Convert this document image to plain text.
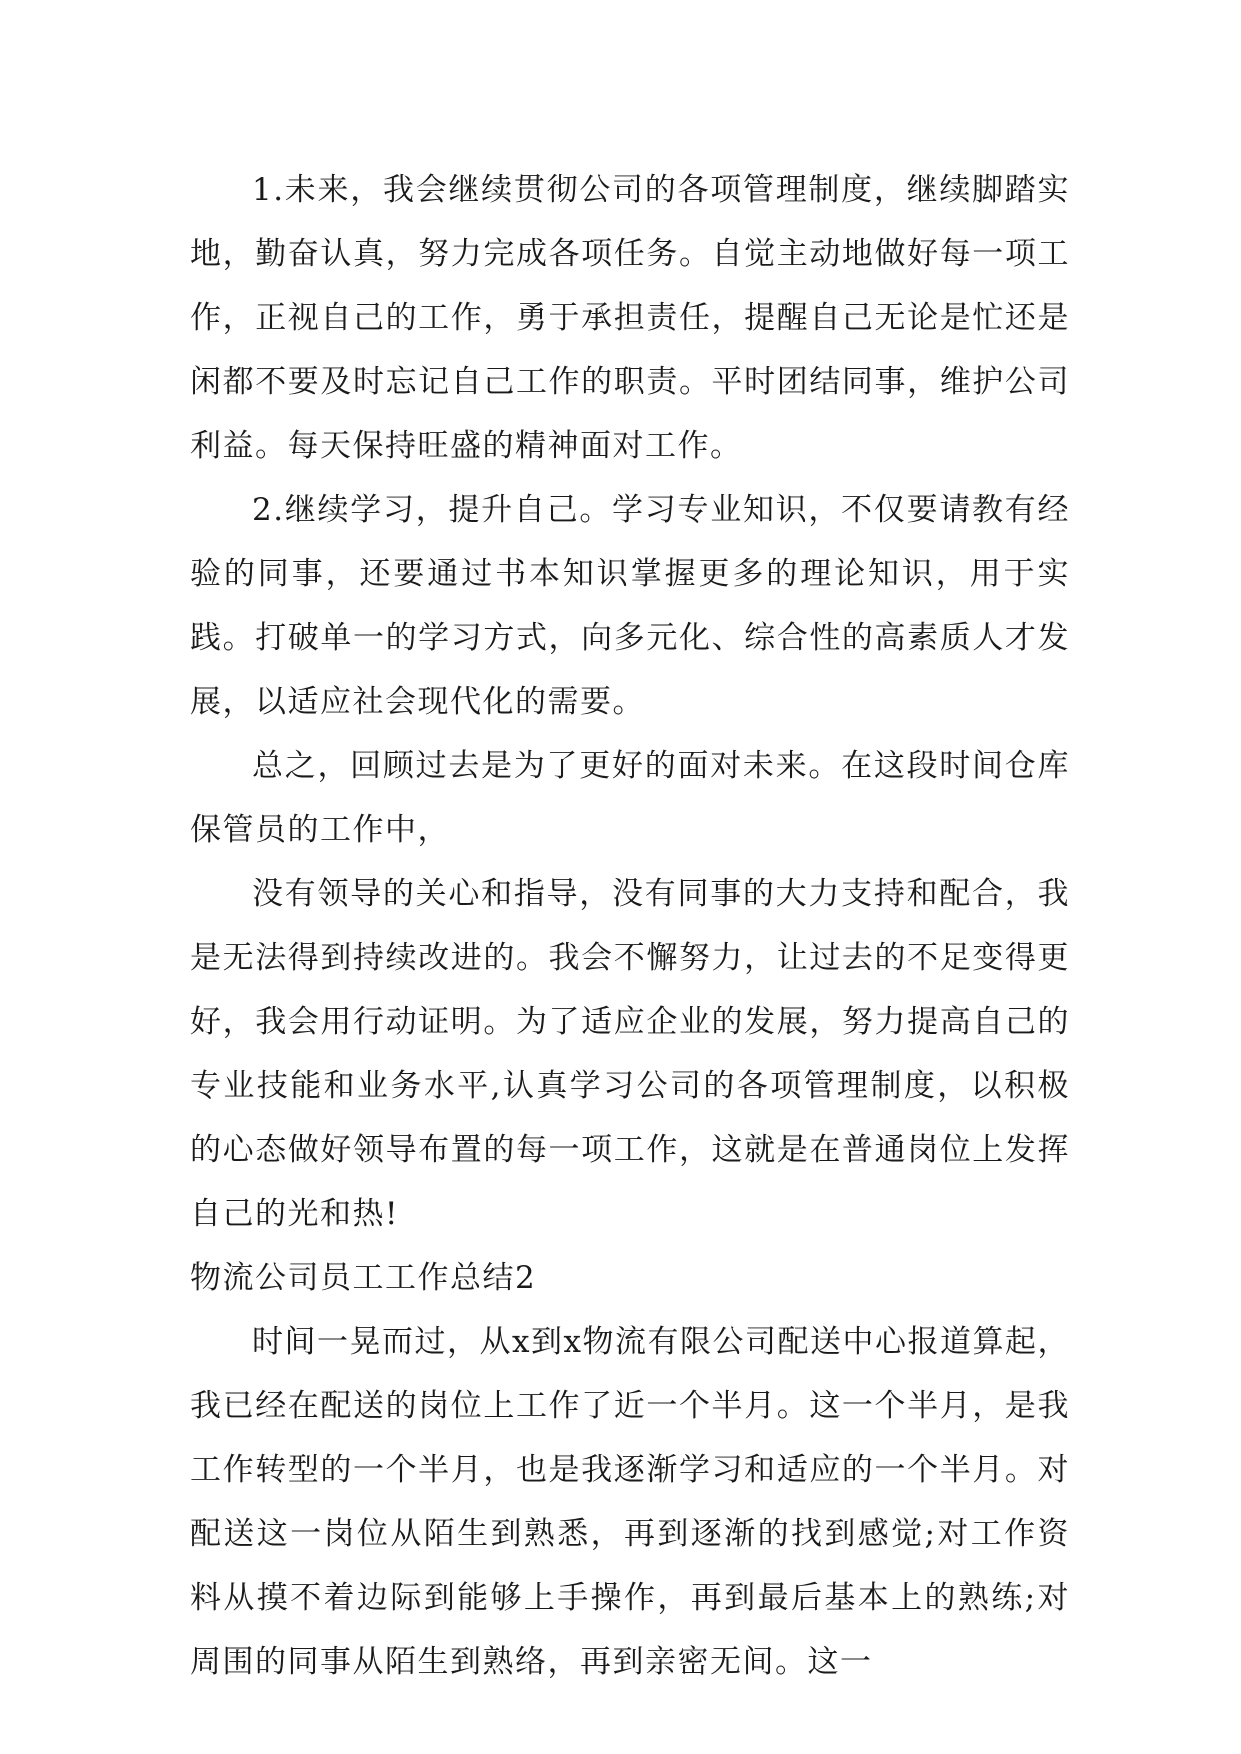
1.未来，我会继续贯彻公司的各项管理制度，继续脚踏实地，勤奋认真，努力完成各项任务。自觉主动地做好每一项工作，正视自己的工作，勇于承担责任，提醒自己无论是忙还是闲都不要及时忘记自己工作的职责。平时团结同事，维护公司利益。每天保持旺盛的精神面对工作。

2.继续学习，提升自己。学习专业知识，不仅要请教有经验的同事，还要通过书本知识掌握更多的理论知识，用于实践。打破单一的学习方式，向多元化、综合性的高素质人才发展，以适应社会现代化的需要。

总之，回顾过去是为了更好的面对未来。在这段时间仓库保管员的工作中，

没有领导的关心和指导，没有同事的大力支持和配合，我是无法得到持续改进的。我会不懈努力，让过去的不足变得更好，我会用行动证明。为了适应企业的发展，努力提高自己的专业技能和业务水平,认真学习公司的各项管理制度，以积极的心态做好领导布置的每一项工作，这就是在普通岗位上发挥自己的光和热!

物流公司员工工作总结2

时间一晃而过，从x到x物流有限公司配送中心报道算起，我已经在配送的岗位上工作了近一个半月。这一个半月，是我工作转型的一个半月，也是我逐渐学习和适应的一个半月。对配送这一岗位从陌生到熟悉，再到逐渐的找到感觉;对工作资料从摸不着边际到能够上手操作，再到最后基本上的熟练;对周围的同事从陌生到熟络，再到亲密无间。这一
